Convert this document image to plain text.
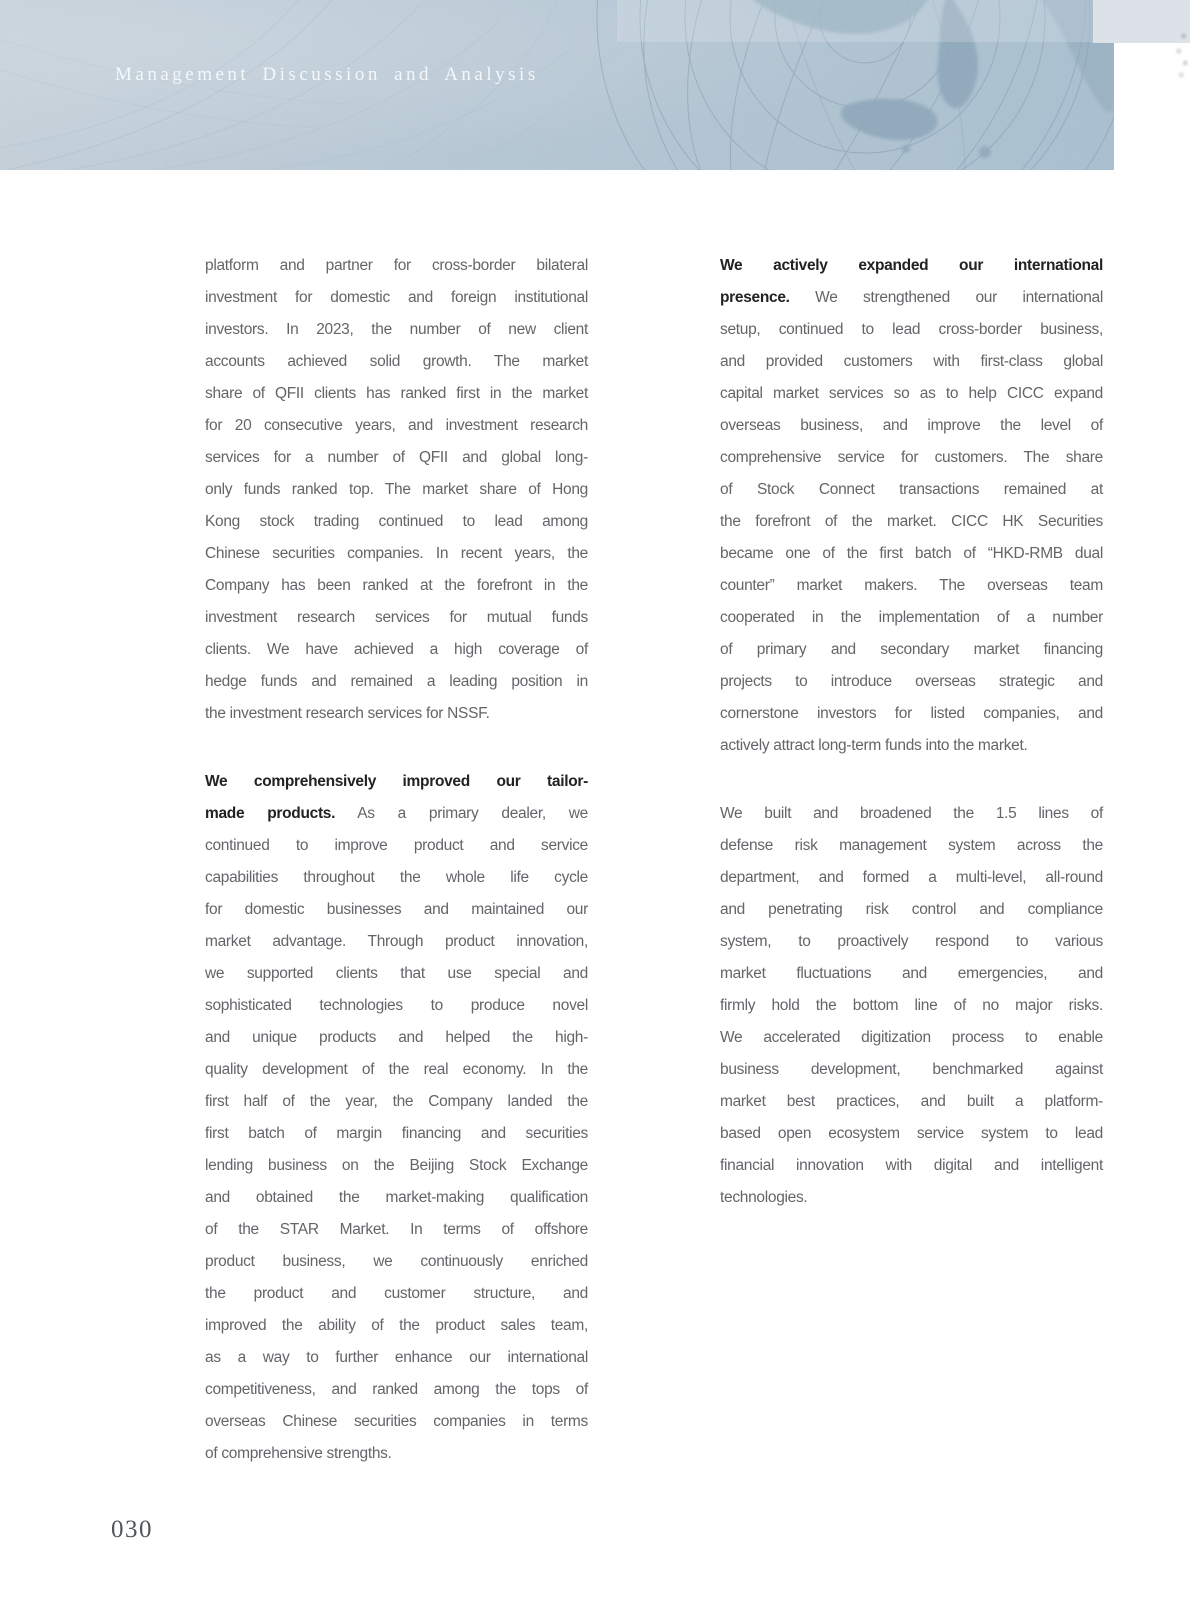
Management Discussion and Analysis
platform and partner for cross-border bilateral
investment for domestic and foreign institutional
investors. In 2023, the number of new client
accounts achieved solid growth. The market
share of QFII clients has ranked first in the market
for 20 consecutive years, and investment research
services for a number of QFII and global long-
only funds ranked top. The market share of Hong
Kong stock trading continued to lead among
Chinese securities companies. In recent years, the
Company has been ranked at the forefront in the
investment research services for mutual funds
clients. We have achieved a high coverage of
hedge funds and remained a leading position in
the investment research services for NSSF.
We comprehensively improved our tailor-
made products. As a primary dealer, we
continued to improve product and service
capabilities throughout the whole life cycle
for domestic businesses and maintained our
market advantage. Through product innovation,
we supported clients that use special and
sophisticated technologies to produce novel
and unique products and helped the high-
quality development of the real economy. In the
first half of the year, the Company landed the
first batch of margin financing and securities
lending business on the Beijing Stock Exchange
and obtained the market-making qualification
of the STAR Market. In terms of offshore
product business, we continuously enriched
the product and customer structure, and
improved the ability of the product sales team,
as a way to further enhance our international
competitiveness, and ranked among the tops of
overseas Chinese securities companies in terms
of comprehensive strengths.
We actively expanded our international
presence. We strengthened our international
setup, continued to lead cross-border business,
and provided customers with first-class global
capital market services so as to help CICC expand
overseas business, and improve the level of
comprehensive service for customers. The share
of Stock Connect transactions remained at
the forefront of the market. CICC HK Securities
became one of the first batch of “HKD-RMB dual
counter” market makers. The overseas team
cooperated in the implementation of a number
of primary and secondary market financing
projects to introduce overseas strategic and
cornerstone investors for listed companies, and
actively attract long-term funds into the market.
We built and broadened the 1.5 lines of
defense risk management system across the
department, and formed a multi-level, all-round
and penetrating risk control and compliance
system, to proactively respond to various
market fluctuations and emergencies, and
firmly hold the bottom line of no major risks.
We accelerated digitization process to enable
business development, benchmarked against
market best practices, and built a platform-
based open ecosystem service system to lead
financial innovation with digital and intelligent
technologies.
030
